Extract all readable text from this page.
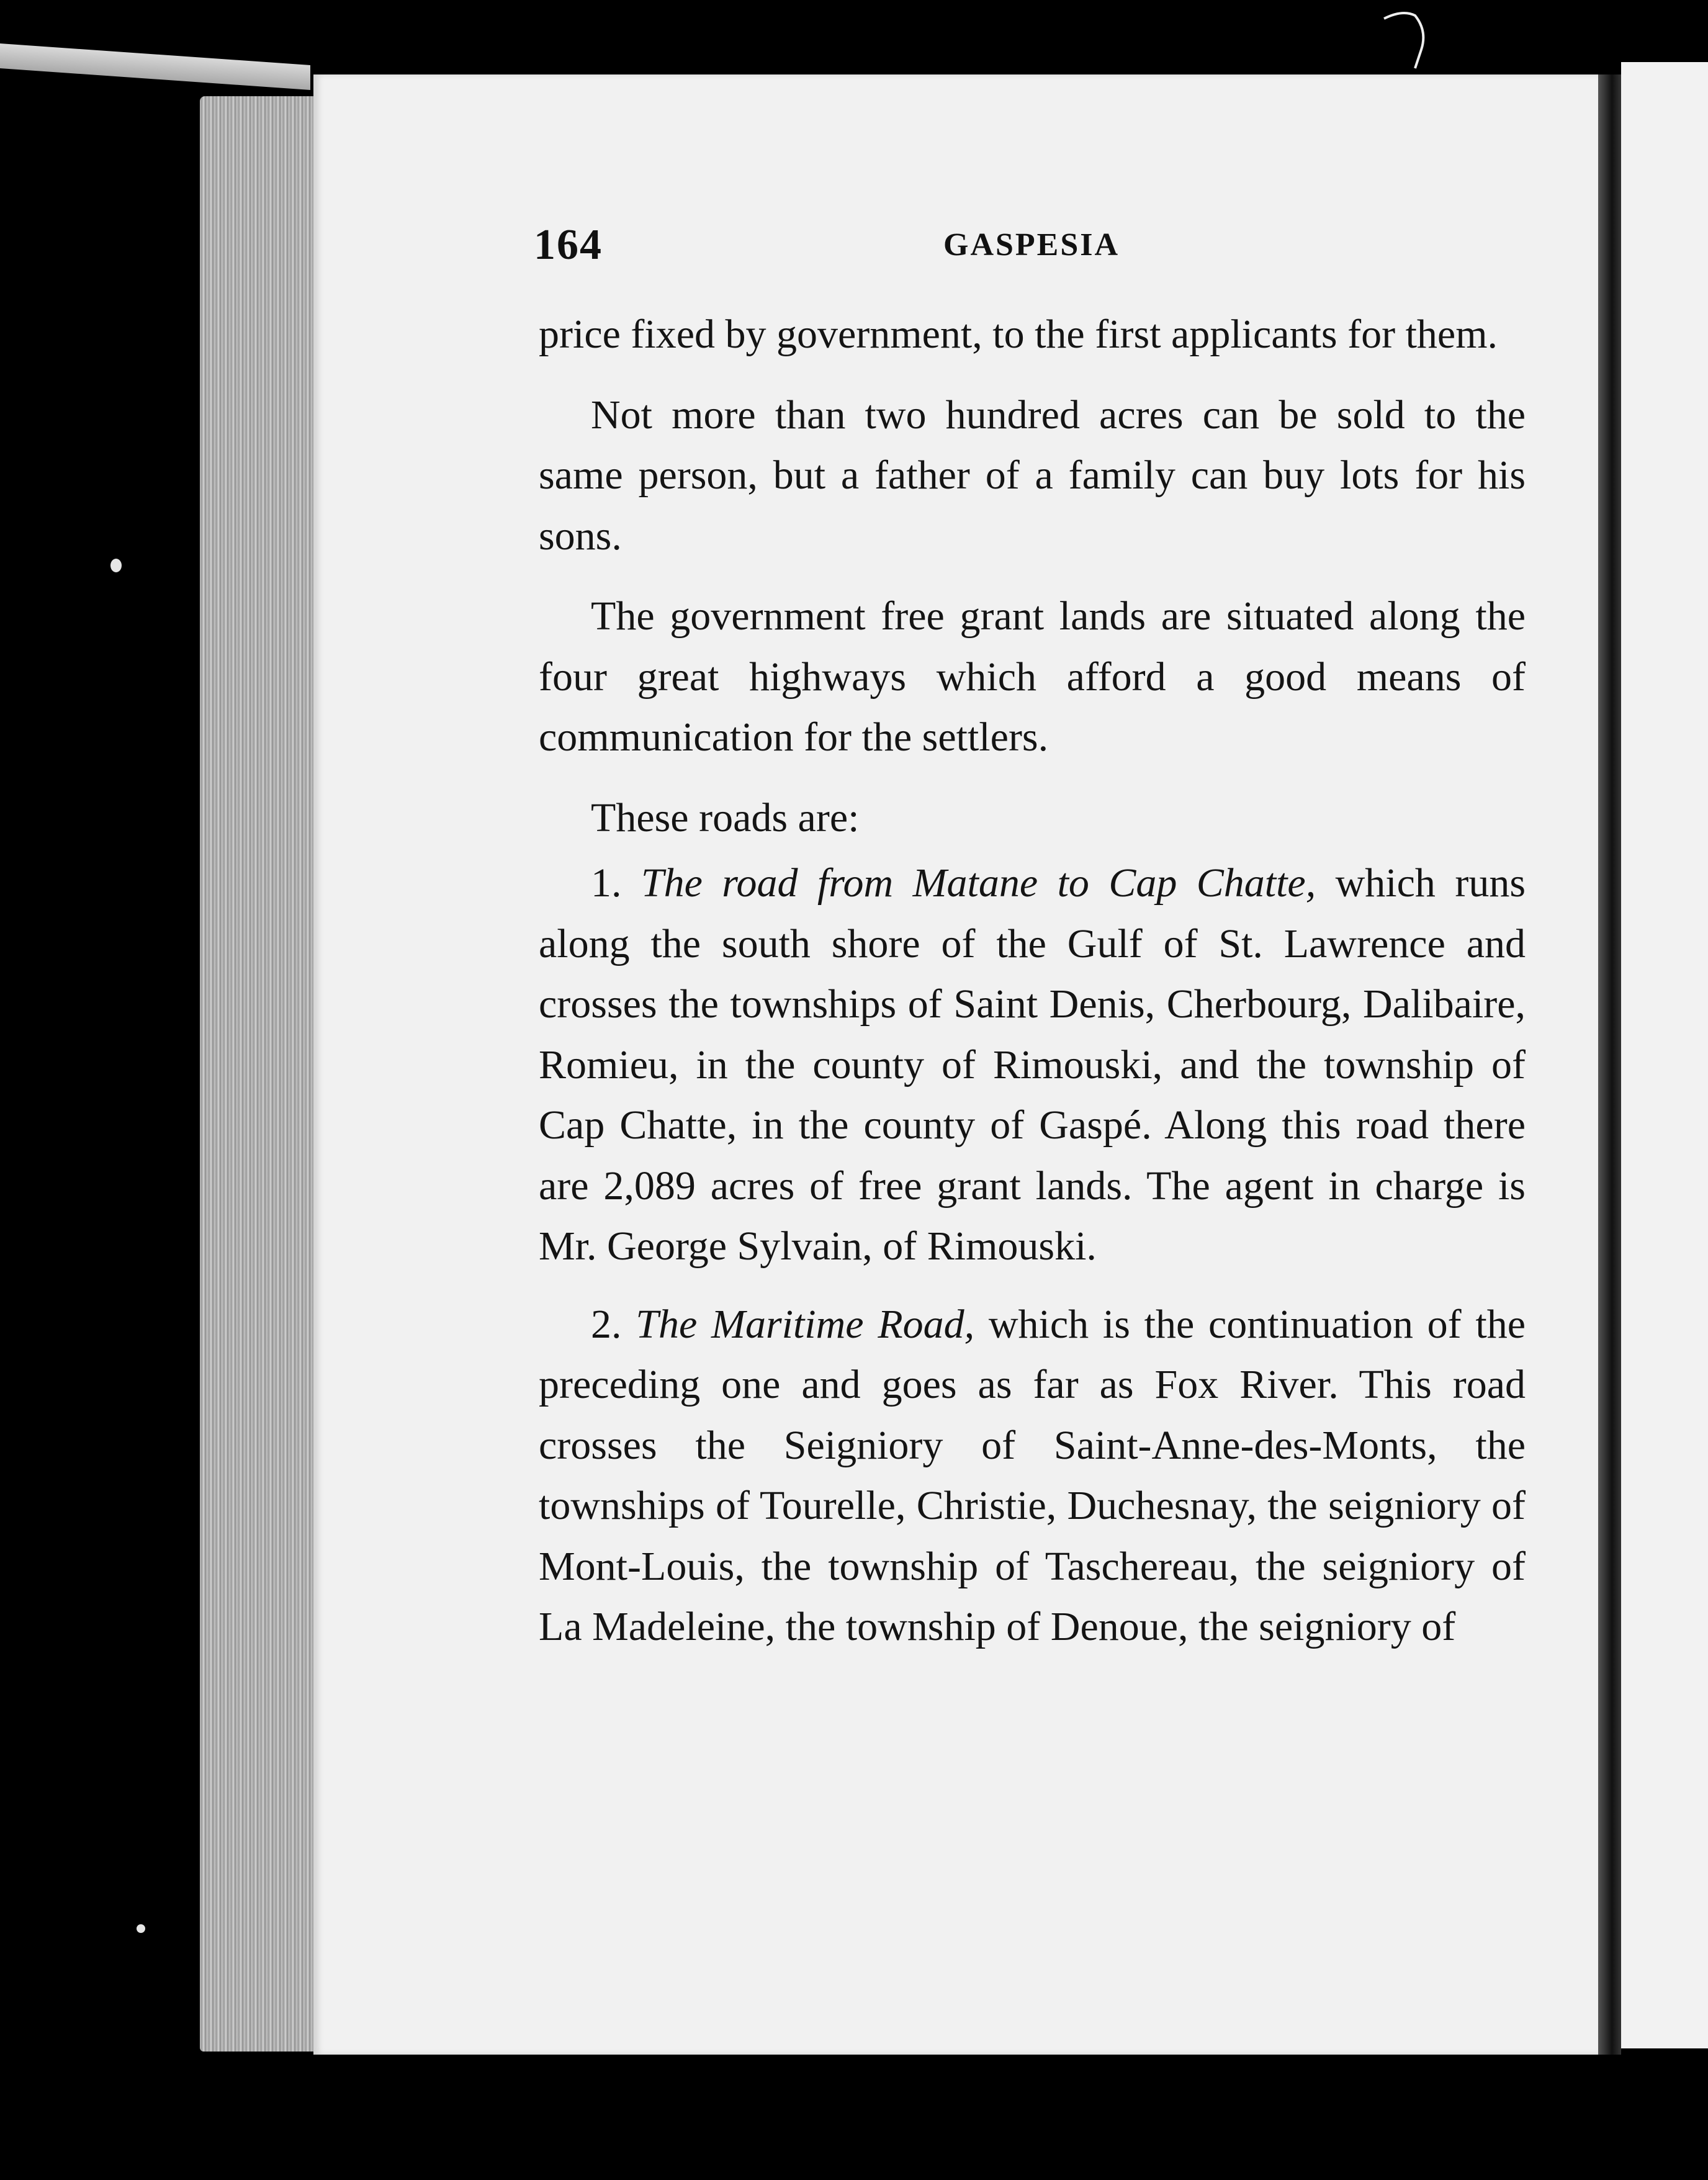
164	GASPESIA

price fixed by government, to the first applicants for them.

Not more than two hundred acres can be sold to the same person, but a father of a family can buy lots for his sons.

The government free grant lands are situated along the four great highways which afford a good means of communication for the settlers.

These roads are:

1. The road from Matane to Cap Chatte, which runs along the south shore of the Gulf of St. Lawrence and crosses the townships of Saint Denis, Cherbourg, Dalibaire, Romieu, in the county of Rimouski, and the township of Cap Chatte, in the county of Gaspé. Along this road there are 2,089 acres of free grant lands. The agent in charge is Mr. George Sylvain, of Rimouski.

2. The Maritime Road, which is the continuation of the preceding one and goes as far as Fox River. This road crosses the Seigniory of Saint-Anne-des-Monts, the townships of Tourelle, Christie, Duchesnay, the seigniory of Mont-Louis, the township of Taschereau, the seigniory of La Madeleine, the township of Denoue, the seigniory of
